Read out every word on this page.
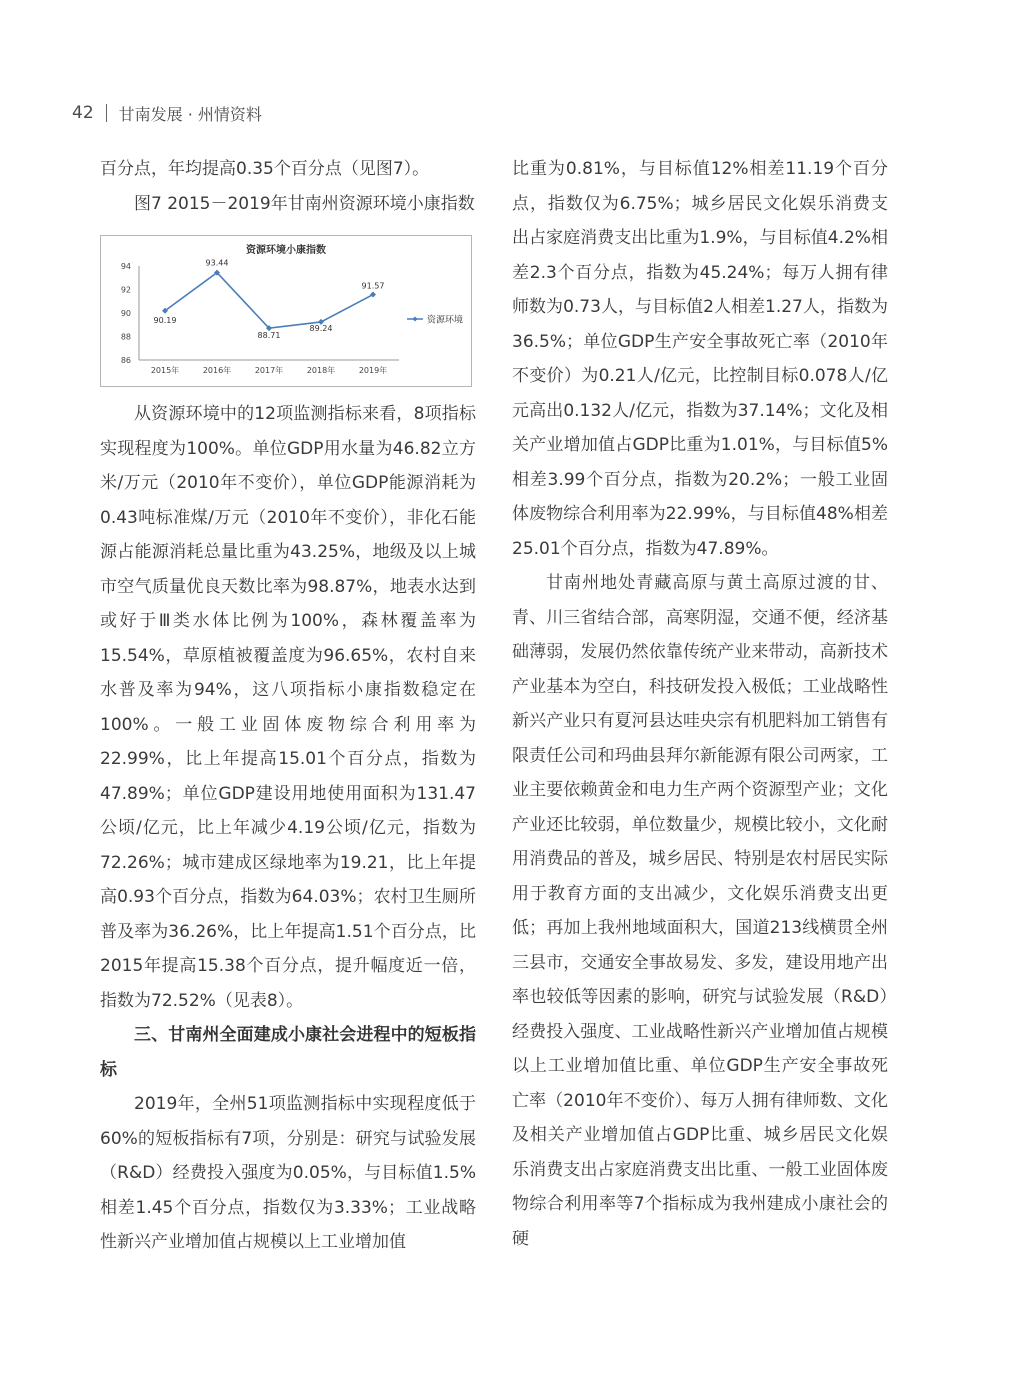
42 甘南发展 · 州情资料

百分点，年均提高0.35个百分点（见图7）。

图7 2015－2019年甘南州资源环境小康指数

资源环境小康指数
94
92
90
88
86
2015年	2016年	2017年	2018年	2019年
90.19
93.44
88.71
89.24
91.57
资源环境

从资源环境中的12项监测指标来看，8项指标实现程度为100%。单位GDP用水量为46.82立方米/万元（2010年不变价），单位GDP能源消耗为0.43吨标准煤/万元（2010年不变价），非化石能源占能源消耗总量比重为43.25%，地级及以上城市空气质量优良天数比率为98.87%，地表水达到或好于Ⅲ类水体比例为100%，森林覆盖率为15.54%，草原植被覆盖度为96.65%，农村自来水普及率为94%，这八项指标小康指数稳定在100%。一般工业固体废物综合利用率为22.99%，比上年提高15.01个百分点，指数为47.89%；单位GDP建设用地使用面积为131.47公顷/亿元，比上年减少4.19公顷/亿元，指数为72.26%；城市建成区绿地率为19.21，比上年提高0.93个百分点，指数为64.03%；农村卫生厕所普及率为36.26%，比上年提高1.51个百分点，比2015年提高15.38个百分点，提升幅度近一倍，指数为72.52%（见表8）。

三、甘南州全面建成小康社会进程中的短板指标

2019年，全州51项监测指标中实现程度低于60%的短板指标有7项，分别是：研究与试验发展（R&D）经费投入强度为0.05%，与目标值1.5%相差1.45个百分点，指数仅为3.33%；工业战略性新兴产业增加值占规模以上工业增加值

比重为0.81%，与目标值12%相差11.19个百分点，指数仅为6.75%；城乡居民文化娱乐消费支出占家庭消费支出比重为1.9%，与目标值4.2%相差2.3个百分点，指数为45.24%；每万人拥有律师数为0.73人，与目标值2人相差1.27人，指数为36.5%；单位GDP生产安全事故死亡率（2010年不变价）为0.21人/亿元，比控制目标0.078人/亿元高出0.132人/亿元，指数为37.14%；文化及相关产业增加值占GDP比重为1.01%，与目标值5%相差3.99个百分点，指数为20.2%；一般工业固体废物综合利用率为22.99%，与目标值48%相差25.01个百分点，指数为47.89%。

甘南州地处青藏高原与黄土高原过渡的甘、青、川三省结合部，高寒阴湿，交通不便，经济基础薄弱，发展仍然依靠传统产业来带动，高新技术产业基本为空白，科技研发投入极低；工业战略性新兴产业只有夏河县达哇央宗有机肥料加工销售有限责任公司和玛曲县拜尔新能源有限公司两家，工业主要依赖黄金和电力生产两个资源型产业；文化产业还比较弱，单位数量少，规模比较小，文化耐用消费品的普及，城乡居民、特别是农村居民实际用于教育方面的支出减少，文化娱乐消费支出更低；再加上我州地域面积大，国道213线横贯全州三县市，交通安全事故易发、多发，建设用地产出率也较低等因素的影响，研究与试验发展（R&D）经费投入强度、工业战略性新兴产业增加值占规模以上工业增加值比重、单位GDP生产安全事故死亡率（2010年不变价）、每万人拥有律师数、文化及相关产业增加值占GDP比重、城乡居民文化娱乐消费支出占家庭消费支出比重、一般工业固体废物综合利用率等7个指标成为我州建成小康社会的硬
